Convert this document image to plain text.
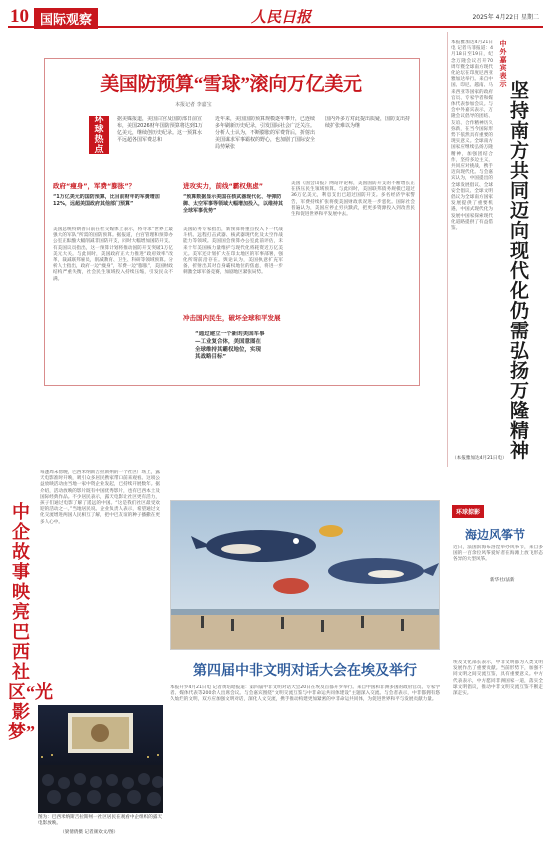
10 国际观察	人民日报	2025年 4月22日 星期二
美国防预算“雪球”滚向万亿美元
本报记者 李嘉宝
环
球
热
点
据美媒报道，美国白宫及国防部日前宣布，美国2026财年国防预算将达到1万亿美元，继续创历史纪录。这一预算水平远超各国军费总和
近年来，美国国防预算规模逐年攀升，已连续多年刷新历史纪录，引发国际社会广泛关注。分析人士认为，不断膨胀的军费背后，折射出美国谋求军事霸权的野心，也加剧了国际安全局势紧张
国内外多方对此提出质疑，国防支出持续扩张难以为继
政府“瘦身”，军费“膨胀”？
“1万亿美元的国防预算，比目前财年的军费增加12%，远超美国政府其他部门预算”
美国总统特朗普日前在社交媒体上表示，将寻求“世界上最强大的军队”所需的国防预算。据报道，白宫管理和预算办公室正酝酿大幅削减非国防开支，同时大幅增加国防开支。有美国议员指出，这一预算计划将推动国防开支突破1万亿美元大关。与此同时，美国政府正大力推进“政府效率”改革，裁减联邦雇员，削减教育、卫生、科研等领域预算。分析人士指出，政府一边“瘦身”，军费一边“膨胀”，美国财政结构严重失衡，社会民生领域投入持续压缩，引发民众不满。
进攻实力，前线“霸权焦虑”
“预算数据显示美国在核武器现代化、导弹防御、太空军事等领域大幅增加投入，以维持其全球军事优势”
美国防务专家指出，新预算将重点投入下一代战斗机、远程打击武器、核武器现代化及太空作战能力等领域。美国国会预算办公室此前评估，未来十年美国核力量维护与现代化将耗资近万亿美元。美军还计划扩大在印太地区的军事部署，强化所谓前沿存在。舆论认为，美国执意扩充军备，折射出其对自身霸权地位的焦虑，将进一步刺激全球军备竞赛，加剧地区紧张局势。
冲击国内民生，破坏全球和平发展
“通过建立一个新的美国军事—工业复合体，美国意图在全球维持其霸权地位，实现其战略目标”
美国《国会山报》网站评论称，美国国防开支的不断增长正在挤压民生领域预算。与此同时，美国联邦债务规模已超过36万亿美元，利息支出已超过国防开支。多名经济学家警告，军费持续扩张将使美国财政状况进一步恶化。国际社会普遍认为，美国应停止穷兵黩武，把更多资源投入到改善民生和促进世界和平发展中去。
本报雅加达4月21日电 记者马菲报道：4月18日至19日，纪念万隆会议召开70周年暨全球南方现代化论坛在印度尼西亚雅加达举行。来自中国、印尼、越南、马来西亚等国家的政府官员、专家学者和媒体代表参加会议。与会中外嘉宾表示，万隆会议倡导的团结、友谊、合作精神历久弥新，在当今国际形势下依然具有重要的现实意义。全球南方国家应继续弘扬万隆精神，加强团结合作，坚持多边主义，共同应对挑战，携手迈向现代化。与会嘉宾认为，中国提出的全球发展倡议、全球安全倡议、全球文明倡议为全球南方国家发展提供了重要机遇，中国式现代化为发展中国家探索现代化道路提供了有益借鉴。
中外嘉宾表示 坚持南方共同迈向现代化仍需弘扬万隆精神
（本报雅加达4月21日电）
中企故事映亮巴西社区“光影梦”
每逢周末傍晚，巴西米纳斯吉拉斯州的一个社区广场上，露天电影准时开映，吸引众多居民携家带口前来观看。这项公益放映活动由当地一家中资企业发起，已持续开展数年。据介绍，活动放映的影片既有中国优秀影片，也有巴西本土及国际经典作品。不少居民表示，露天电影让社区更有活力，孩子们通过电影了解了遥远的中国。“这是我们社区最受欢迎的活动之一。”当地居民说。企业负责人表示，希望通过文化交流增进两国人民相互了解，把中巴友谊的种子播撒在更多人心中。
图为：巴西米纳斯吉拉斯州一社区居民在观看中企组织的露天电影放映。
（梁倩倩摄 记者颜欢文/图）
环球掠影
海边风筝节
近日，法国滨海布洛涅举办风筝节，来自多国的一百余位风筝爱好者在海滩上放飞形态各异的大型风筝。
新华社/法新
第四届中非文明对话大会在埃及举行
本报开罗4月21日电 记者黄培昭报道：第四届中非文明对话大会20日在埃及首都开罗举行。来自中国和非洲多国的政府官员、专家学者、媒体代表等200余人出席会议。与会嘉宾围绕“文明交流互鉴与中非命运共同体建设”主题深入交流。与会者表示，中非都拥有悠久灿烂的文明，双方应加强文明对话，深化人文交流，携手推动构建更加紧密的中非命运共同体，为促进世界和平与发展贡献力量。
埃及文化部长表示，中非文明都为人类文明发展作出了重要贡献。当前形势下，加强不同文明之间交流互鉴，具有重要意义。中方代表表示，中方愿同非洲国家一道，落实全球文明倡议，推动中非文明交流互鉴不断走深走实。
